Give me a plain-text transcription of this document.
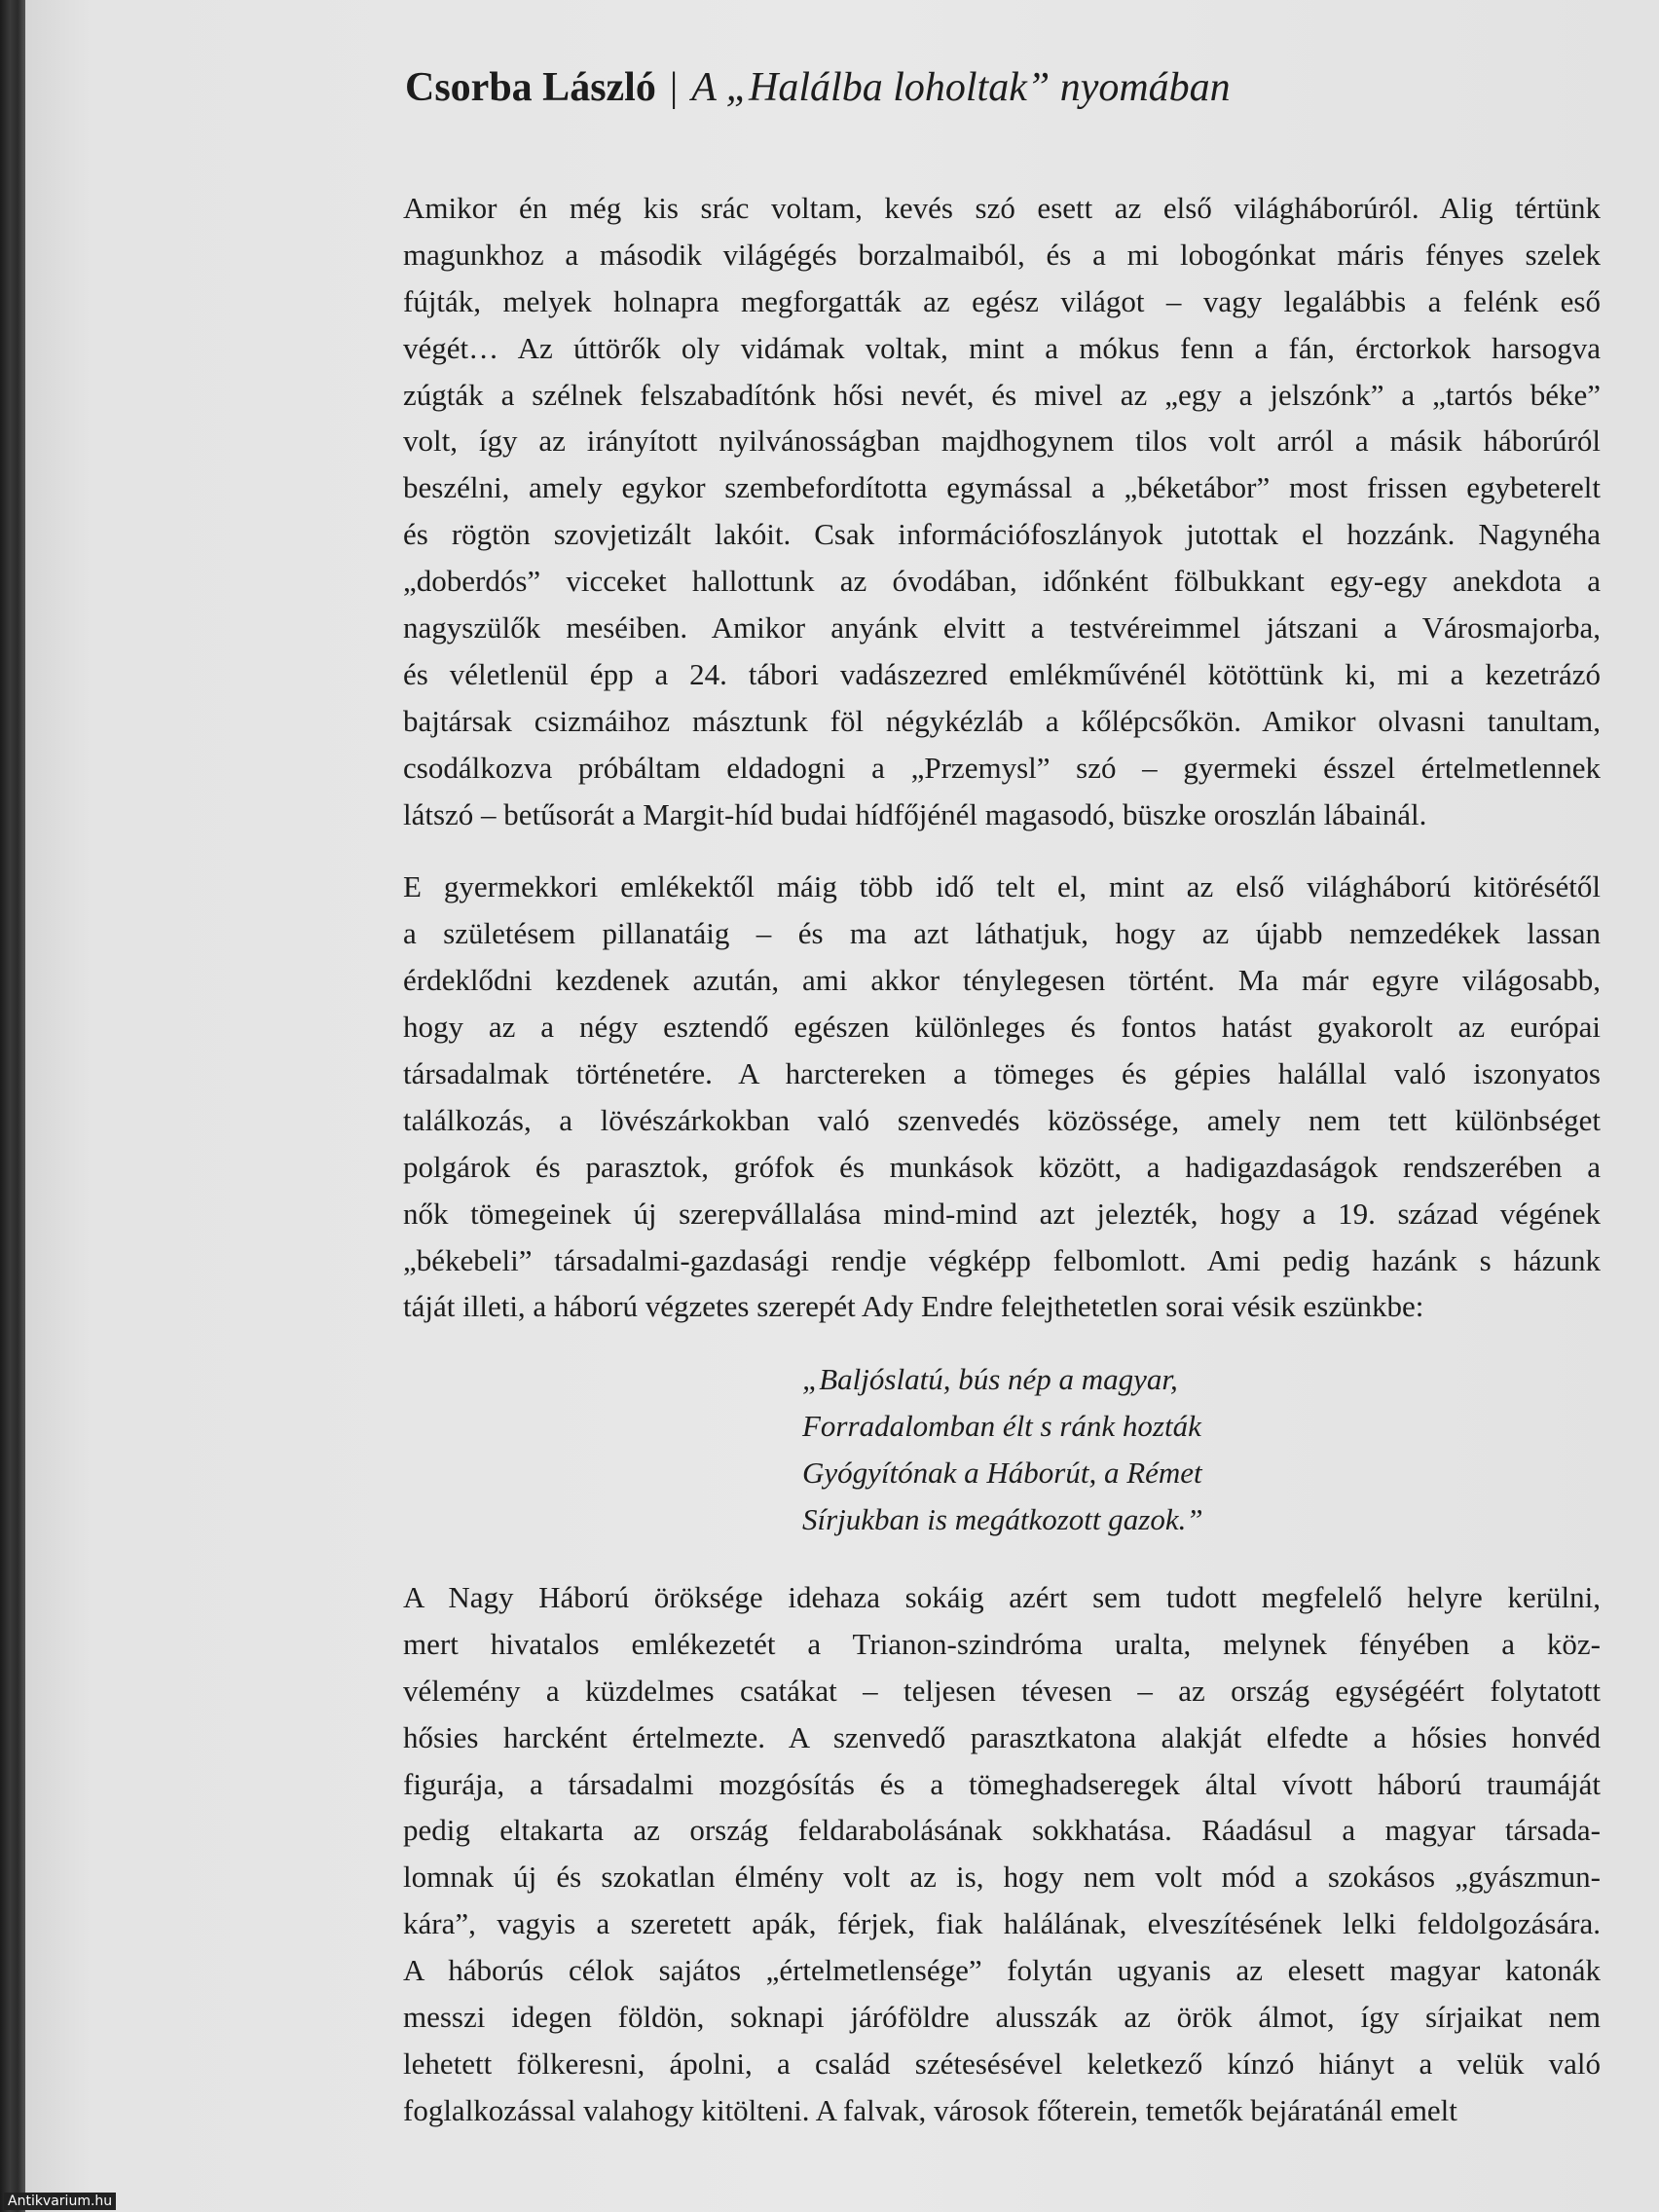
Csorba László | A „Halálba loholtak” nyomában
Amikor én még kis srác voltam, kevés szó esett az első világháborúról. Alig tértünk
magunkhoz a második világégés borzalmaiból, és a mi lobogónkat máris fényes szelek
fújták, melyek holnapra megforgatták az egész világot – vagy legalábbis a felénk eső
végét… Az úttörők oly vidámak voltak, mint a mókus fenn a fán, érctorkok harsogva
zúgták a szélnek felszabadítónk hősi nevét, és mivel az „egy a jelszónk” a „tartós béke”
volt, így az irányított nyilvánosságban majdhogynem tilos volt arról a másik háborúról
beszélni, amely egykor szembefordította egymással a „béketábor” most frissen egybeterelt
és rögtön szovjetizált lakóit. Csak információfoszlányok jutottak el hozzánk. Nagynéha
„doberdós” vicceket hallottunk az óvodában, időnként fölbukkant egy-egy anekdota a
nagyszülők meséiben. Amikor anyánk elvitt a testvéreimmel játszani a Városmajorba,
és véletlenül épp a 24. tábori vadászezred emlékművénél kötöttünk ki, mi a kezetrázó
bajtársak csizmáihoz másztunk föl négykézláb a kőlépcsőkön. Amikor olvasni tanultam,
csodálkozva próbáltam eldadogni a „Przemysl” szó – gyermeki ésszel értelmetlennek
látszó – betűsorát a Margit-híd budai hídfőjénél magasodó, büszke oroszlán lábainál.
E gyermekkori emlékektől máig több idő telt el, mint az első világháború kitörésétől
a születésem pillanatáig – és ma azt láthatjuk, hogy az újabb nemzedékek lassan
érdeklődni kezdenek azután, ami akkor ténylegesen történt. Ma már egyre világosabb,
hogy az a négy esztendő egészen különleges és fontos hatást gyakorolt az európai
társadalmak történetére. A harctereken a tömeges és gépies halállal való iszonyatos
találkozás, a lövészárkokban való szenvedés közössége, amely nem tett különbséget
polgárok és parasztok, grófok és munkások között, a hadigazdaságok rendszerében a
nők tömegeinek új szerepvállalása mind-mind azt jelezték, hogy a 19. század végének
„békebeli” társadalmi-gazdasági rendje végképp felbomlott. Ami pedig hazánk s házunk
táját illeti, a háború végzetes szerepét Ady Endre felejthetetlen sorai vésik eszünkbe:
„Baljóslatú, bús nép a magyar,
Forradalomban élt s ránk hozták
Gyógyítónak a Háborút, a Rémet
Sírjukban is megátkozott gazok.”
A Nagy Háború öröksége idehaza sokáig azért sem tudott megfelelő helyre kerülni,
mert hivatalos emlékezetét a Trianon-szindróma uralta, melynek fényében a köz-
vélemény a küzdelmes csatákat – teljesen tévesen – az ország egységéért folytatott
hősies harcként értelmezte. A szenvedő parasztkatona alakját elfedte a hősies honvéd
figurája, a társadalmi mozgósítás és a tömeghadseregek által vívott háború traumáját
pedig eltakarta az ország feldarabolásának sokkhatása. Ráadásul a magyar társada-
lomnak új és szokatlan élmény volt az is, hogy nem volt mód a szokásos „gyászmun-
kára”, vagyis a szeretett apák, férjek, fiak halálának, elveszítésének lelki feldolgozására.
A háborús célok sajátos „értelmetlensége” folytán ugyanis az elesett magyar katonák
messzi idegen földön, soknapi járóföldre alusszák az örök álmot, így sírjaikat nem
lehetett fölkeresni, ápolni, a család szétesésével keletkező kínzó hiányt a velük való
foglalkozással valahogy kitölteni. A falvak, városok főterein, temetők bejáratánál emelt
Antikvarium.hu
